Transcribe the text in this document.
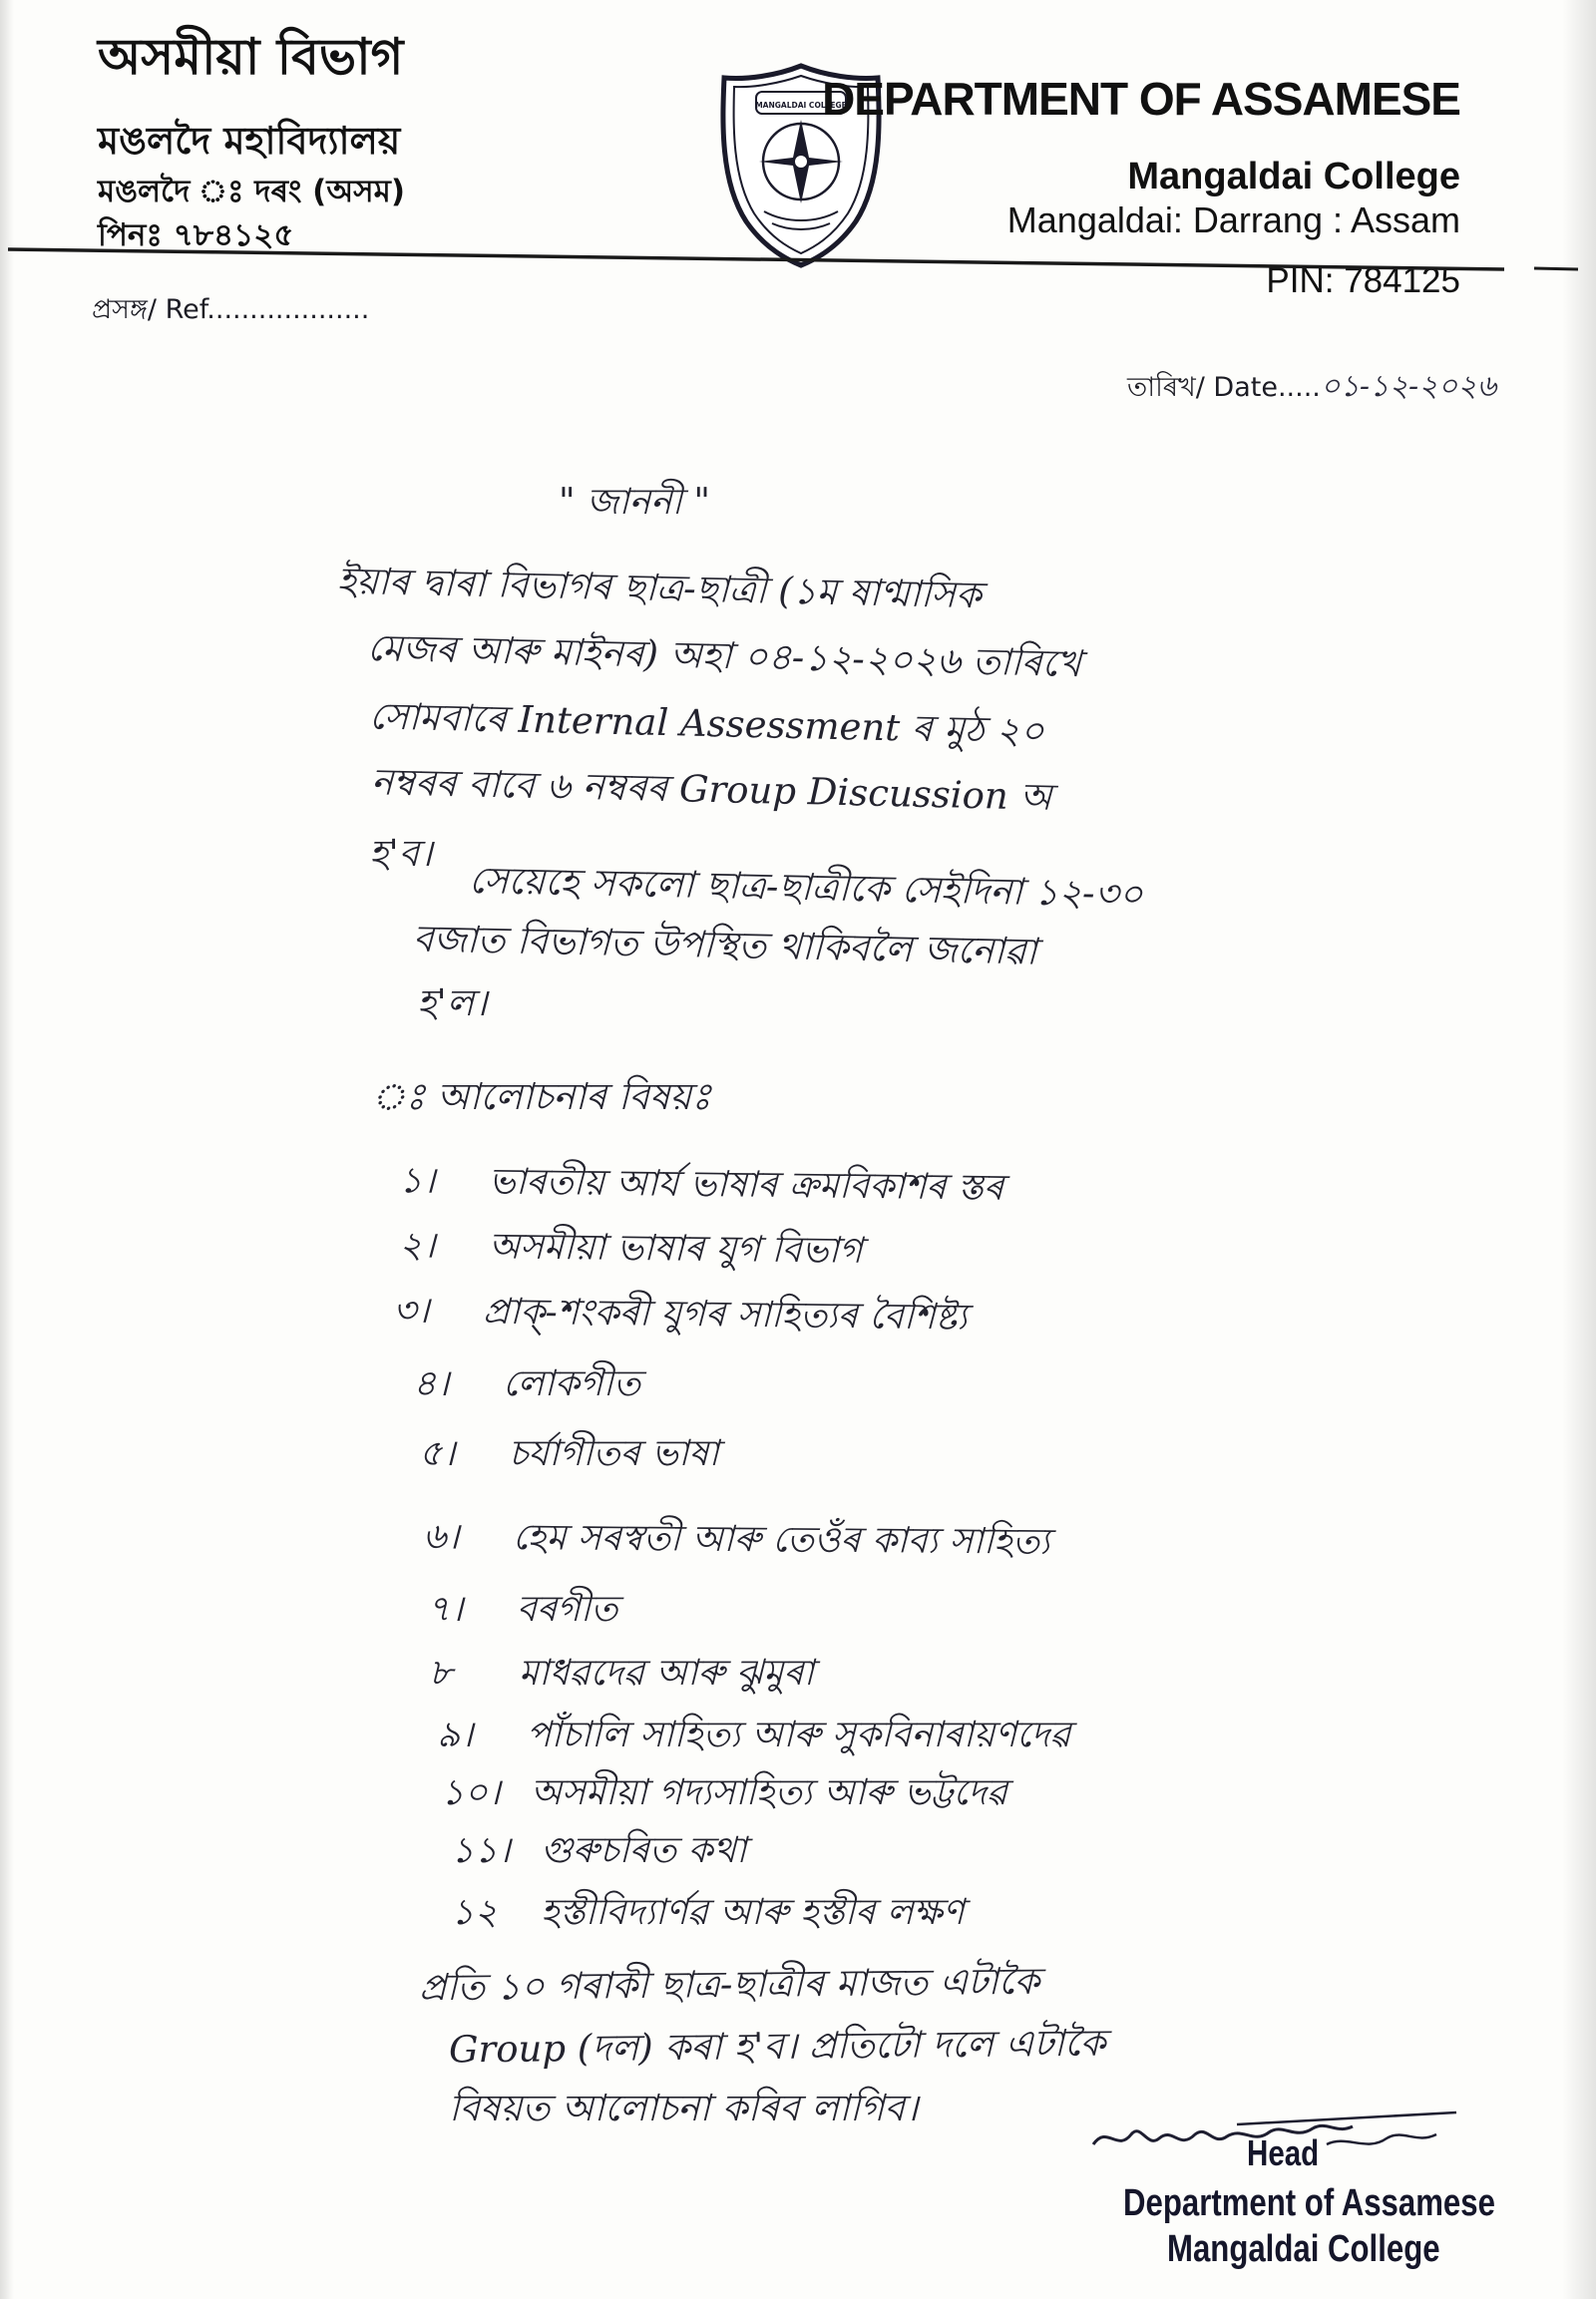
অসমীয়া বিভাগ
মঙলদৈ মহাবিদ্যালয়
মঙলদৈ ঃ দৰং (অসম)
পিনঃ ৭৮৪১২৫
MANGALDAI COLLEGE
DEPARTMENT OF ASSAMESE
Mangaldai College
Mangaldai: Darrang : Assam
PIN: 784125
প্ৰসঙ্গ/ Ref...................
তাৰিখ/ Date.....০১-১২-২০২৬
" জাননী "
ইয়াৰ দ্বাৰা বিভাগৰ ছাত্ৰ-ছাত্ৰী (১ম ষাণ্মাসিক
মেজৰ আৰু মাইনৰ) অহা ০৪-১২-২০২৬ তাৰিখে
সোমবাৰে Internal Assessment ৰ মুঠ ২০
নম্বৰৰ বাবে ৬ নম্বৰৰ Group Discussion অ
হ'ব।
সেয়েহে সকলো ছাত্ৰ-ছাত্ৰীকে সেইদিনা ১২-৩০
বজাত বিভাগত উপস্থিত থাকিবলৈ জনোৱা
হ'ল।
ঃ আলোচনাৰ বিষয়ঃ
১। ভাৰতীয় আৰ্য ভাষাৰ ক্ৰমবিকাশৰ স্তৰ
২। অসমীয়া ভাষাৰ যুগ বিভাগ
৩। প্ৰাক্-শংকৰী যুগৰ সাহিত্যৰ বৈশিষ্ট্য
৪। লোকগীত
৫। চৰ্যাগীতৰ ভাষা
৬। হেম সৰস্বতী আৰু তেওঁৰ কাব্য সাহিত্য
৭। বৰগীত
৮ মাধৱদেৱ আৰু ঝুমুৰা
৯। পাঁচালি সাহিত্য আৰু সুকবিনাৰায়ণদেৱ
১০। অসমীয়া গদ্যসাহিত্য আৰু ভট্টদেৱ
১১। গুৰুচৰিত কথা
১২ হস্তীবিদ্যাৰ্ণৱ আৰু হস্তীৰ লক্ষণ
প্ৰতি ১০ গৰাকী ছাত্ৰ-ছাত্ৰীৰ মাজত এটাকৈ
Group (দল) কৰা হ'ব। প্ৰতিটো দলে এটাকৈ
বিষয়ত আলোচনা কৰিব লাগিব।
Head
Department of Assamese
Mangaldai College
